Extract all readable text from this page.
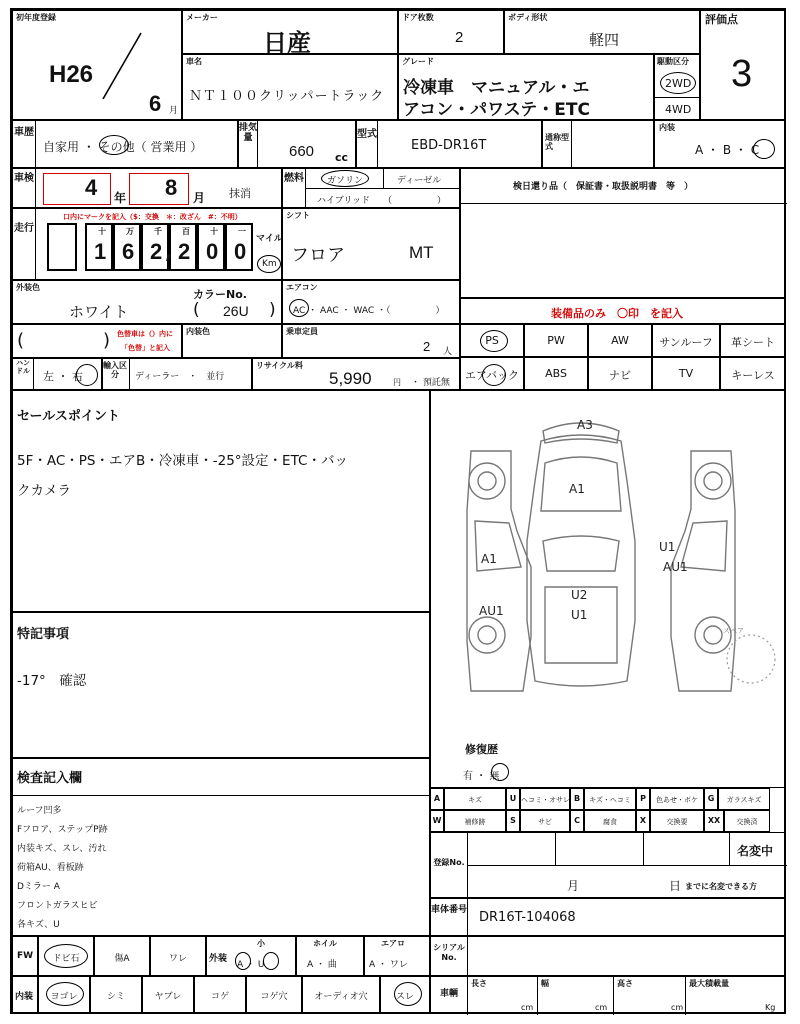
初年度登録
H26
6 月
メーカー
日産
ドア枚数
2
ボディ形状
軽四
評価点
3
車名
ＮＴ１００クリッパートラック
グレード
冷凍車　マニュアル・エ
アコン・パワステ・ETC
駆動区分
2WD
4WD
車歴
自家用 ・ その他（ 営業用 ）
排気量
660 cc
型式
EBD-DR16T
通称型式
内装
A ・ B ・ C
車検 4 年 8 月 抹消
燃料	ガソリン	ディーゼル
ハイブリッド （　　　　　）
検日還り品（　保証書・取扱説明書　等　）
走行
口内にマークを記入（$：交換　＊：改ざん　#：不明）
十
1
万
6
千
2
百
2
十
0
一
0
,	マイル
Km
シフト
フロア	MT
外装色
ホワイト
カラーNo.
( 26U )
エアコン
AC ・ AAC ・ WAC ・（　　　　　）	装備品のみ　〇印　を記入
(	) 色替車は（）内に
「色替」と記入
内装色	乗車定員
2 人
PS	PW	AW	サンルーフ	革シート
エアバック	ABS	ナビ	TV	キーレス
ハンドル 左 ・ 右
輸入区分	ディーラー　・　並行
リサイクル料
5,990	円 ・ 預託無
セールスポイント
5F・AC・PS・エアB・冷凍車・-25°設定・ETC・バッ
クカメラ
特記事項
-17°　確認
検査記入欄
ルーフ凹多
Fフロア、ステップP跡
内装キズ、スレ、汚れ
荷箱AU、看板跡
Dミラー A
フロントガラスヒビ
各キズ、U
A3
A1
A1
AU1
U2
U1
U1
AU1
スペア
修復歴
有 ・ 無
A	キズ	U ヘコミ・オサレ B	キズ・ヘコミ	P	色あせ・ボケ	G	ガラスキズ
W	補修跡	S	サビ	C	腐食	X	交換要	XX	交換済
登録No.
名変中
月	日 までに名変できる方
車体番号 DR16T-104068
FW	ドビ石	傷A	ワレ	外装
小
A ・ U
ホイル
A ・ 曲
エアロ
A ・ ワレ
シリアルNo.
内装	ヨゴレ	シミ	ヤブレ	コゲ	コゲ穴	オーディオ穴	スレ	車輌
長さ
cm
幅
cm
高さ
cm
最大積載量
Kg
